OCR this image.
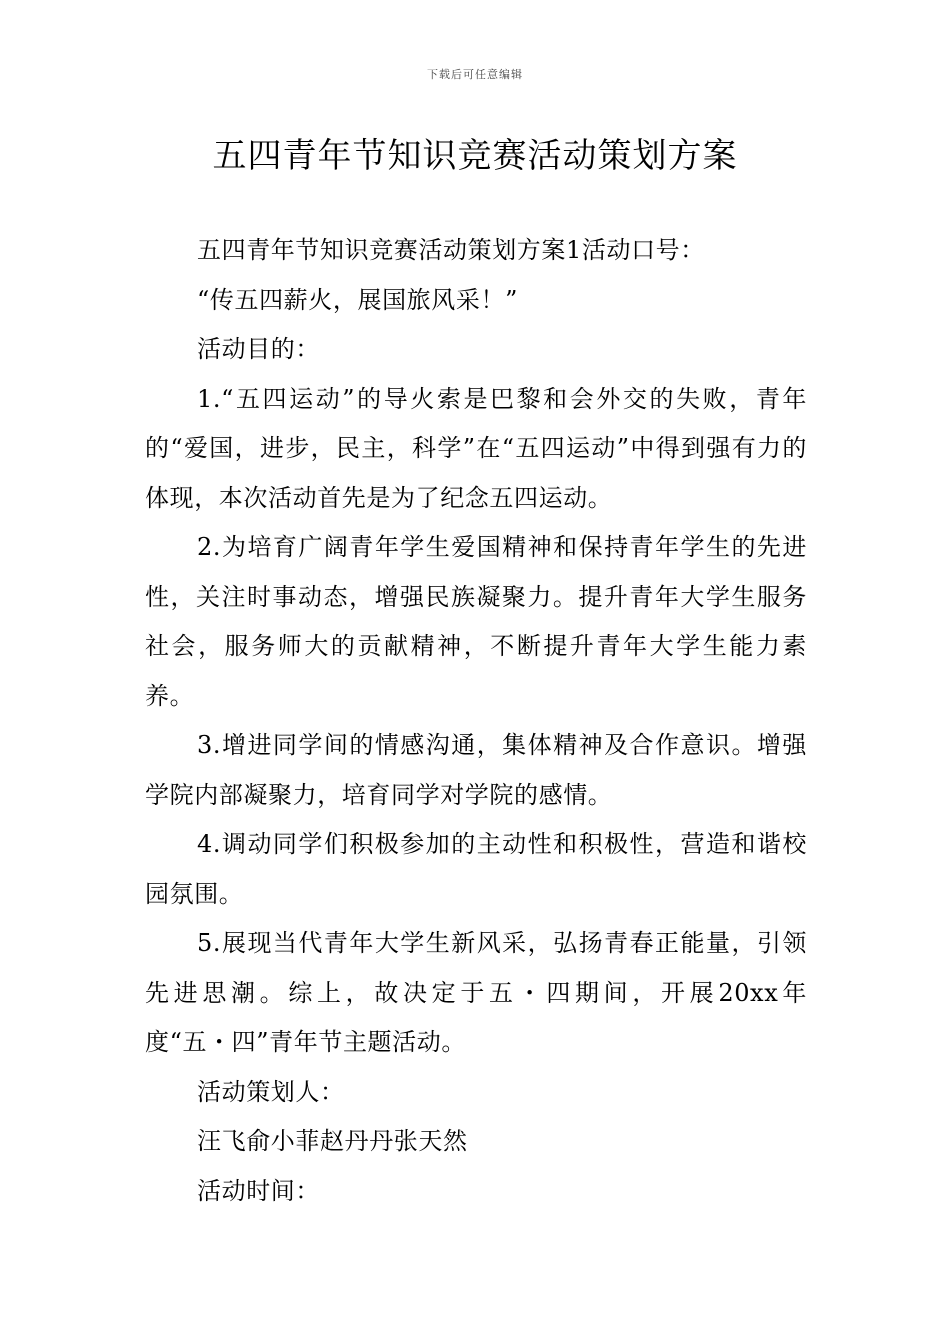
下载后可任意编辑
五四青年节知识竞赛活动策划方案

五四青年节知识竞赛活动策划方案1活动口号：

“传五四薪火，展国旅风采！”

活动目的：

1.“五四运动”的导火索是巴黎和会外交的失败，青年的“爱国，进步，民主，科学”在“五四运动”中得到强有力的体现，本次活动首先是为了纪念五四运动。

2.为培育广阔青年学生爱国精神和保持青年学生的先进性，关注时事动态，增强民族凝聚力。提升青年大学生服务社会，服务师大的贡献精神，不断提升青年大学生能力素养。

3.增进同学间的情感沟通，集体精神及合作意识。增强学院内部凝聚力，培育同学对学院的感情。

4.调动同学们积极参加的主动性和积极性，营造和谐校园氛围。

5.展现当代青年大学生新风采，弘扬青春正能量，引领先进思潮。综上，故决定于五・四期间，开展20xx年度“五・四”青年节主题活动。

活动策划人：

汪飞俞小菲赵丹丹张天然

活动时间：
